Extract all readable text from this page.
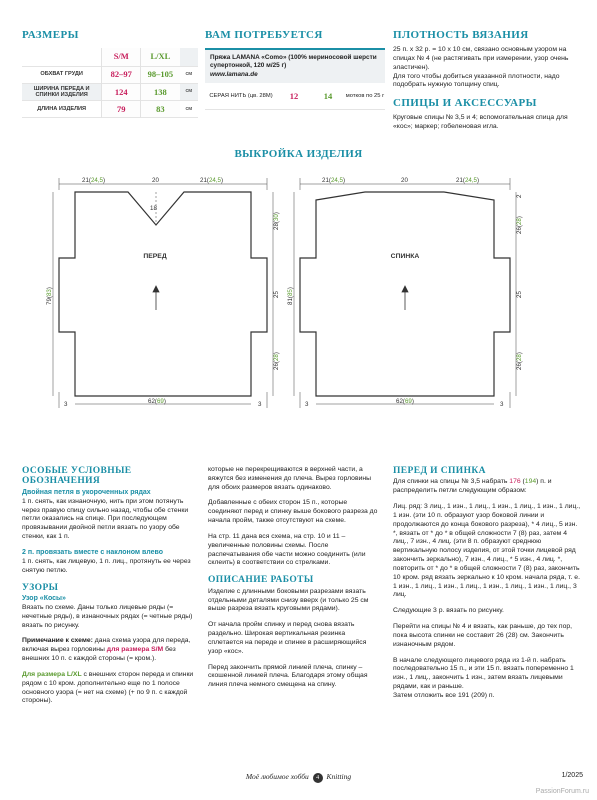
РАЗМЕРЫ
	S/M	L/XL	
ОБХВАТ ГРУДИ	82–97	98–105	см
ШИРИНА ПЕРЕДА И СПИНКИ ИЗДЕЛИЯ	124	138	см
ДЛИНА ИЗДЕЛИЯ	79	83	см
ВАМ ПОТРЕБУЕТСЯ
Пряжа LAMANA «Como» (100% мериносовой шерсти супертонкой, 120 м/25 г)
www.lamana.de
СЕРАЯ НИТЬ (цв. 28M)	12	14	мотков по 25 г
ПЛОТНОСТЬ ВЯЗАНИЯ

25 п. х 32 р. = 10 х 10 см, связано основным узором на спицах № 4 (не растягивать при измерении, узор очень эластичен).

Для того чтобы добиться указанной плотности, надо подобрать нужную толщину спиц.

СПИЦЫ И АКСЕССУАРЫ

Круговые спицы № 3,5 и 4; вспомогательная спица для «кос»; маркер; гобеленовая игла.

ВЫКРОЙКА ИЗДЕЛИЯ
ПЕРЕД	СПИНКА
21(24,5)	20	21(24,5)
18
28(30)
25
26(28)
79(83)
62(69)
3	3
21(24,5)	20	21(24,5)
2
26(28)
25
26(28)
81(85)
62(69)
3	3
ОСОБЫЕ УСЛОВНЫЕ ОБОЗНАЧЕНИЯ
Двойная петля в укороченных рядах

1 п. снять, как изнаночную, нить при этом потянуть через правую спицу сильно назад, чтобы обе стенки петли оказались на спице. При последующем провязывании двойной петли вязать по узору обе стенки, как 1 п.

2 п. провязать вместе с наклоном влево

1 п. снять, как лицевую, 1 п. лиц., протянуть ее через снятую петлю.

УЗОРЫ
Узор «Косы»

Вязать по схеме. Даны только лицевые ряды (= нечетные ряды), в изнаночных рядах (= четные ряды) вязать по рисунку.

Примечание к схеме: дана схема узора для переда, включая вырез горловины для размера S/M без внешних 10 п. с каждой стороны (= кром.).

Для размера L/XL с внешних сторон переда и спинки рядом с 10 кром. дополнительно еще по 1 полосе основного узора (= нет на схеме) (+ по 9 п. с каждой стороны).

которые не перекрещиваются в верхней части, а вяжутся без изменения до плеча. Вырез горловины для обоих размеров вязать одинаково.

Добавленные с обеих сторон 15 п., которые соединяют перед и спинку выше бокового разреза до начала пройм, также отсутствуют на схеме.

На стр. 11 дана вся схема, на стр. 10 и 11 – увеличенные половины схемы. После распечатывания обе части можно соединить (или склеить) в соответствии со стрелками.

ОПИСАНИЕ РАБОТЫ

Изделие с длинными боковыми разрезами вязать отдельными деталями снизу вверх (и только 25 см выше разреза вязать круговыми рядами).

От начала пройм спинку и перед снова вязать раздельно. Широкая вертикальная резинка сплетается на переде и спинке в расширяющийся узор «кос».

Перед закончить прямой линией плеча, спинку – скошенной линией плеча. Благодаря этому общая линия плеча немного смещена на спину.

ПЕРЕД И СПИНКА

Для спинки на спицы № 3,5 набрать 176 (194) п. и распределить петли следующим образом:

Лиц. ряд: 3 лиц., 1 изн., 1 лиц., 1 изн., 1 лиц., 1 изн., 1 лиц., 1 изн. (эти 10 п. образуют узор боковой линии и продолжаются до конца бокового разреза), * 4 лиц., 5 изн. *, вязать от * до * в общей сложности 7 (8) раз, затем 4 лиц., 7 изн., 4 лиц. (эти 8 п. образуют среднюю вертикальную полосу изделия, от этой точки лицевой ряд закончить зеркально), 7 изн., 4 лиц., * 5 изн., 4 лиц. *, повторить от * до * в общей сложности 7 (8) раз, закончить 10 кром. ряд вязать зеркально к 10 кром. начала ряда, т. е. 1 изн., 1 лиц., 1 изн., 1 лиц., 1 изн., 1 лиц., 1 изн., 1 лиц., 3 лиц.

Следующие 3 р. вязать по рисунку.

Перейти на спицы № 4 и вязать, как раньше, до тех пор, пока высота спинки не составит 26 (28) см. Закончить изнаночным рядом.

В начале следующего лицевого ряда из 1-й п. набрать последовательно 15 п., и эти 15 п. вязать попеременно 1 изн., 1 лиц., закончить 1 изн., затем вязать лицевыми рядами, как и раньше.

Затем отложить все 191 (209) п.

Моё любимое хобби 4 Knitting	1/2025
PassionForum.ru
